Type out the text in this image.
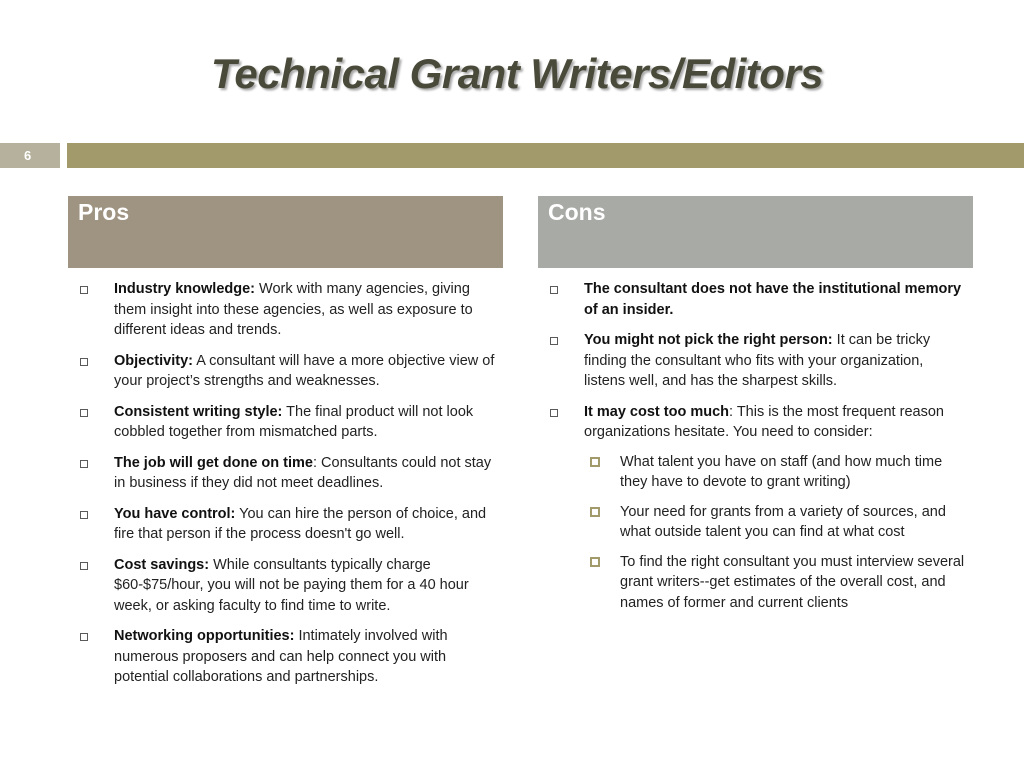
Technical Grant Writers/Editors
6
Pros
Industry knowledge: Work with many agencies, giving them insight into these agencies, as well as exposure to different ideas and trends.
Objectivity: A consultant will have a more objective view of your project’s strengths and weaknesses.
Consistent writing style: The final product will not look  cobbled together from mismatched parts.
The job will get done on time: Consultants could not stay in business if they did not meet deadlines.
You have control: You can hire the person of choice, and fire that person if the process doesn't go well.
Cost savings: While consultants typically charge $60-$75/hour, you will not be paying them for a 40 hour week, or asking faculty to find time to write.
Networking opportunities: Intimately involved with numerous proposers and can help connect you with potential collaborations and partnerships.
Cons
The consultant does not have the institutional memory of an insider.
You might not pick the right person: It can be tricky finding the consultant who fits with your organization, listens well, and has the sharpest skills.
It may cost too much: This is the most frequent reason organizations hesitate. You need to consider:
What talent you have on staff (and how much time they have to devote to grant writing)
Your need for grants from a variety of sources, and what outside talent you can find at what cost
To find the right consultant you must interview several grant writers--get estimates of the overall cost, and names of former and current clients
